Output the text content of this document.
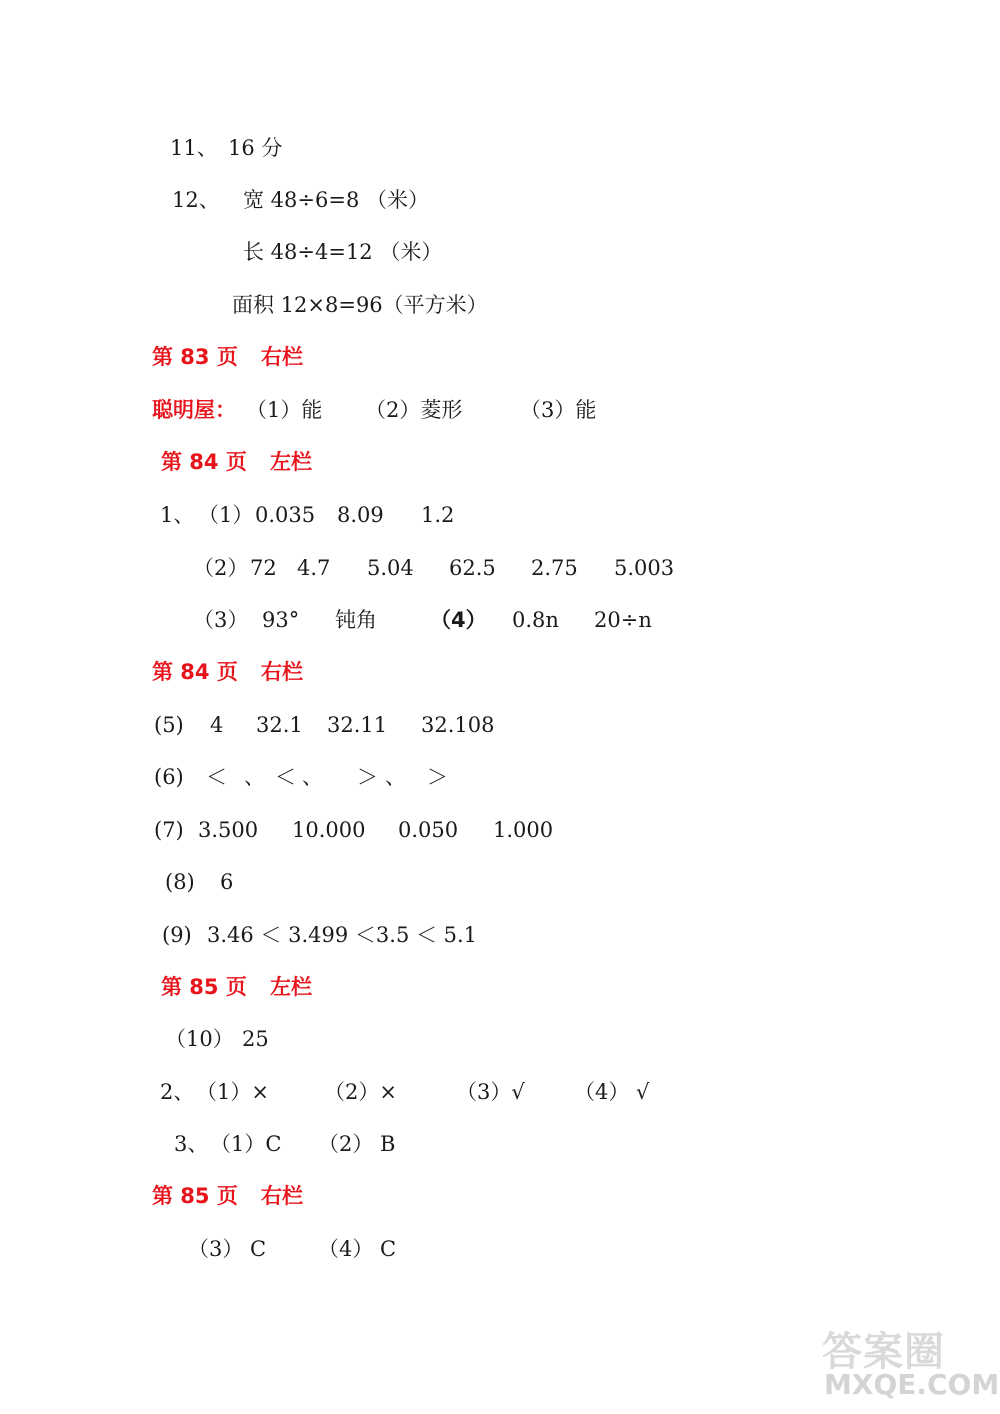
11、 16 分
12、 宽 48÷6=8 （米）
长 48÷4=12 （米）
面积 12×8=96（平方米）
第 83 页 右栏
聪明屋： （1）能 （2）菱形	（3）能
第 84 页 左栏
1、 （1） 0.035 8.09 1.2
（2） 72 4.7 5.04 62.5 2.75 5.003
（3） 93° 钝角	（4） 0.8n 20÷n
第 84 页 右栏
(5) 4 32.1 32.11 32.108
(6) ＜ 、 ＜ 、 ＞ 、 ＞
(7) 3.500 10.000 0.050 1.000
(8) 6
(9) 3.46 ＜ 3.499 ＜3.5 ＜ 5.1
第 85 页 左栏
（10） 25
2、 （1）×	（2）×	（3）√ （4） √
3、 （1）C （2） B
第 85 页 右栏
（3） C （4） C
答案圈
MXQE.COM
